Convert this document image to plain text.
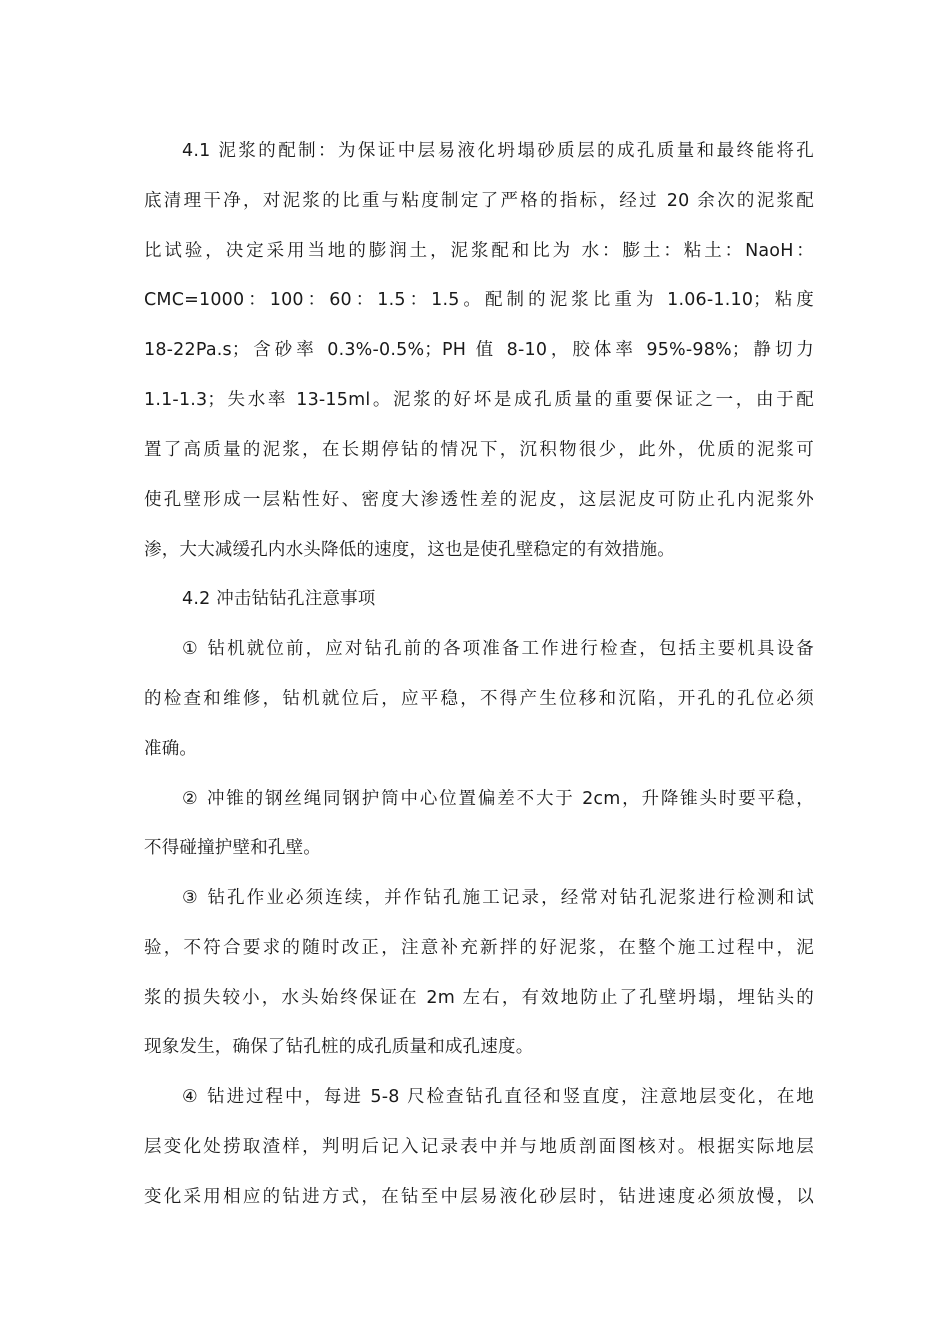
4.1 泥浆的配制：为保证中层易液化坍塌砂质层的成孔质量和最终能将孔
底清理干净，对泥浆的比重与粘度制定了严格的指标，经过 20 余次的泥浆配
比试验，决定采用当地的膨润土，泥浆配和比为 水：膨土：粘土：NaoH：
CMC=1000：100：60：1.5：1.5。配制的泥浆比重为 1.06-1.10；粘度
18-22Pa.s；含砂率 0.3%-0.5%；PH 值 8-10，胶体率 95%-98%；静切力
1.1-1.3；失水率 13-15ml。泥浆的好坏是成孔质量的重要保证之一，由于配
置了高质量的泥浆，在长期停钻的情况下，沉积物很少，此外，优质的泥浆可
使孔壁形成一层粘性好、密度大渗透性差的泥皮，这层泥皮可防止孔内泥浆外
渗，大大减缓孔内水头降低的速度，这也是使孔壁稳定的有效措施。
4.2 冲击钻钻孔注意事项
① 钻机就位前，应对钻孔前的各项准备工作进行检查，包括主要机具设备
的检查和维修，钻机就位后，应平稳，不得产生位移和沉陷，开孔的孔位必须
准确。
② 冲锥的钢丝绳同钢护筒中心位置偏差不大于 2cm，升降锥头时要平稳，
不得碰撞护壁和孔壁。
③ 钻孔作业必须连续，并作钻孔施工记录，经常对钻孔泥浆进行检测和试
验，不符合要求的随时改正，注意补充新拌的好泥浆，在整个施工过程中，泥
浆的损失较小，水头始终保证在 2m 左右，有效地防止了孔壁坍塌，埋钻头的
现象发生，确保了钻孔桩的成孔质量和成孔速度。
④ 钻进过程中，每进 5-8 尺检查钻孔直径和竖直度，注意地层变化，在地
层变化处捞取渣样，判明后记入记录表中并与地质剖面图核对。根据实际地层
变化采用相应的钻进方式，在钻至中层易液化砂层时，钻进速度必须放慢，以
